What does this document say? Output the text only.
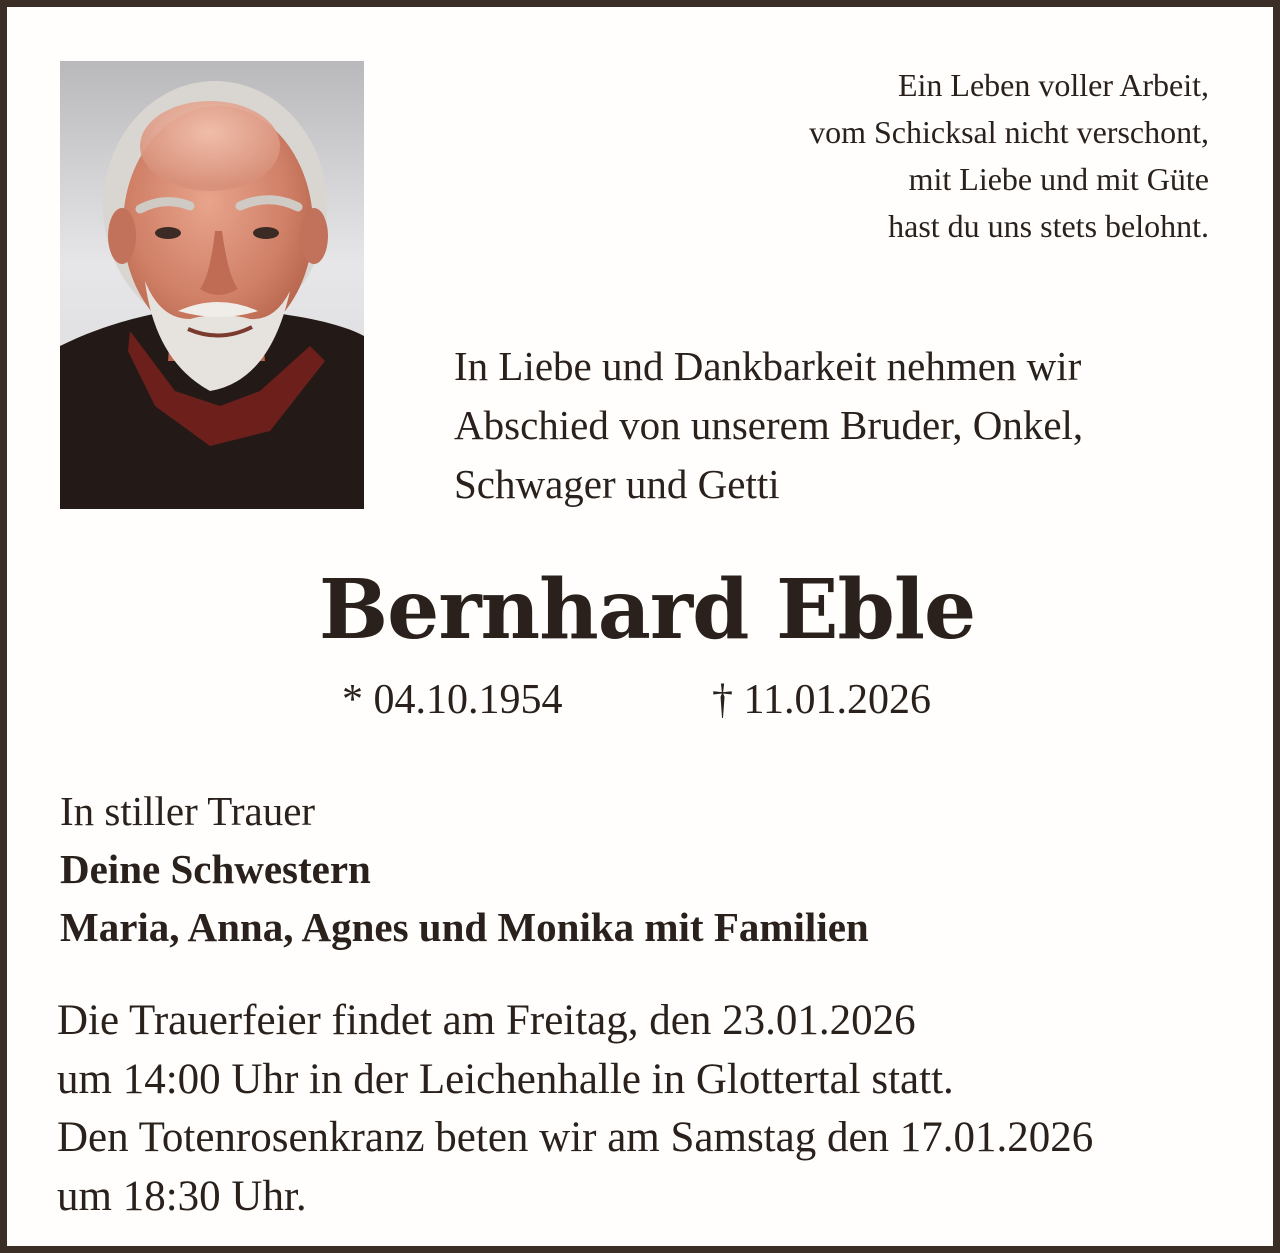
Ein Leben voller Arbeit,
vom Schicksal nicht verschont,
mit Liebe und mit Güte
hast du uns stets belohnt.
In Liebe und Dankbarkeit nehmen wir
Abschied von unserem Bruder, Onkel,
Schwager und Getti
Bernhard Eble
* 04.10.1954	† 11.01.2026
In stiller Trauer
Deine Schwestern
Maria, Anna, Agnes und Monika mit Familien
Die Trauerfeier findet am Freitag, den 23.01.2026
um 14:00 Uhr in der Leichenhalle in Glottertal statt.
Den Totenrosenkranz beten wir am Samstag den 17.01.2026
um 18:30 Uhr.
